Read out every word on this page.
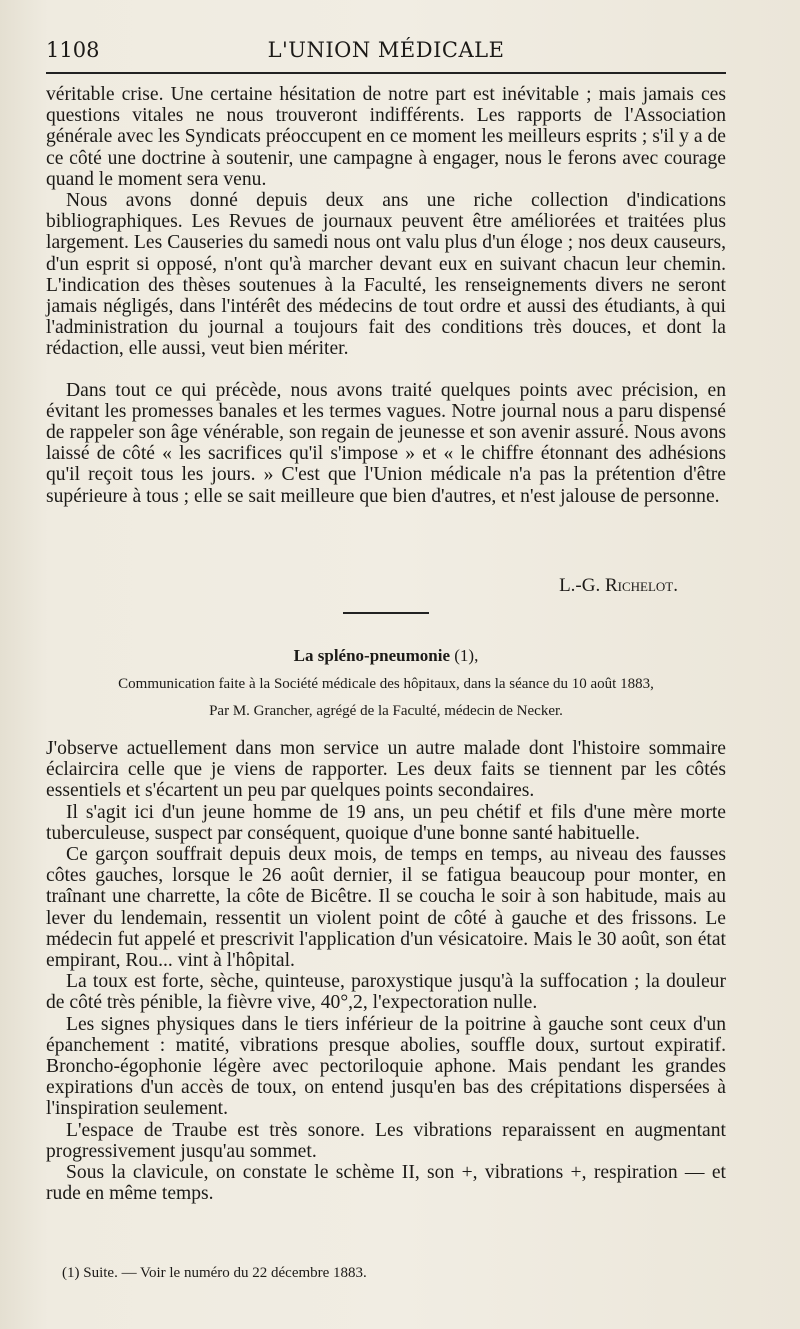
1108	L'UNION MÉDICALE

véritable crise. Une certaine hésitation de notre part est inévitable ; mais jamais ces questions vitales ne nous trouveront indifférents. Les rapports de l'Association générale avec les Syndicats préoccupent en ce moment les meilleurs esprits ; s'il y a de ce côté une doctrine à soutenir, une campagne à engager, nous le ferons avec courage quand le moment sera venu.

Nous avons donné depuis deux ans une riche collection d'indications bibliographiques. Les Revues de journaux peuvent être améliorées et traitées plus largement. Les Causeries du samedi nous ont valu plus d'un éloge ; nos deux causeurs, d'un esprit si opposé, n'ont qu'à marcher devant eux en suivant chacun leur chemin. L'indication des thèses soutenues à la Faculté, les renseignements divers ne seront jamais négligés, dans l'intérêt des médecins de tout ordre et aussi des étudiants, à qui l'administration du journal a toujours fait des conditions très douces, et dont la rédaction, elle aussi, veut bien mériter.

Dans tout ce qui précède, nous avons traité quelques points avec précision, en évitant les promesses banales et les termes vagues. Notre journal nous a paru dispensé de rappeler son âge vénérable, son regain de jeunesse et son avenir assuré. Nous avons laissé de côté « les sacrifices qu'il s'impose » et « le chiffre étonnant des adhésions qu'il reçoit tous les jours. » C'est que l'Union médicale n'a pas la prétention d'être supérieure à tous ; elle se sait meilleure que bien d'autres, et n'est jalouse de personne.

L.-G. Richelot.
La spléno-pneumonie (1),
Communication faite à la Société médicale des hôpitaux, dans la séance du 10 août 1883,
Par M. Grancher, agrégé de la Faculté, médecin de Necker.

J'observe actuellement dans mon service un autre malade dont l'histoire sommaire éclaircira celle que je viens de rapporter. Les deux faits se tiennent par les côtés essentiels et s'écartent un peu par quelques points secondaires.

Il s'agit ici d'un jeune homme de 19 ans, un peu chétif et fils d'une mère morte tuberculeuse, suspect par conséquent, quoique d'une bonne santé habituelle.

Ce garçon souffrait depuis deux mois, de temps en temps, au niveau des fausses côtes gauches, lorsque le 26 août dernier, il se fatigua beaucoup pour monter, en traînant une charrette, la côte de Bicêtre. Il se coucha le soir à son habitude, mais au lever du lendemain, ressentit un violent point de côté à gauche et des frissons. Le médecin fut appelé et prescrivit l'application d'un vésicatoire. Mais le 30 août, son état empirant, Rou... vint à l'hôpital.

La toux est forte, sèche, quinteuse, paroxystique jusqu'à la suffocation ; la douleur de côté très pénible, la fièvre vive, 40°,2, l'expectoration nulle.

Les signes physiques dans le tiers inférieur de la poitrine à gauche sont ceux d'un épanchement : matité, vibrations presque abolies, souffle doux, surtout expiratif. Broncho-égophonie légère avec pectoriloquie aphone. Mais pendant les grandes expirations d'un accès de toux, on entend jusqu'en bas des crépitations dispersées à l'inspiration seulement.

L'espace de Traube est très sonore. Les vibrations reparaissent en augmentant progressivement jusqu'au sommet.

Sous la clavicule, on constate le schème II, son +, vibrations +, respiration — et rude en même temps.

(1) Suite. — Voir le numéro du 22 décembre 1883.
